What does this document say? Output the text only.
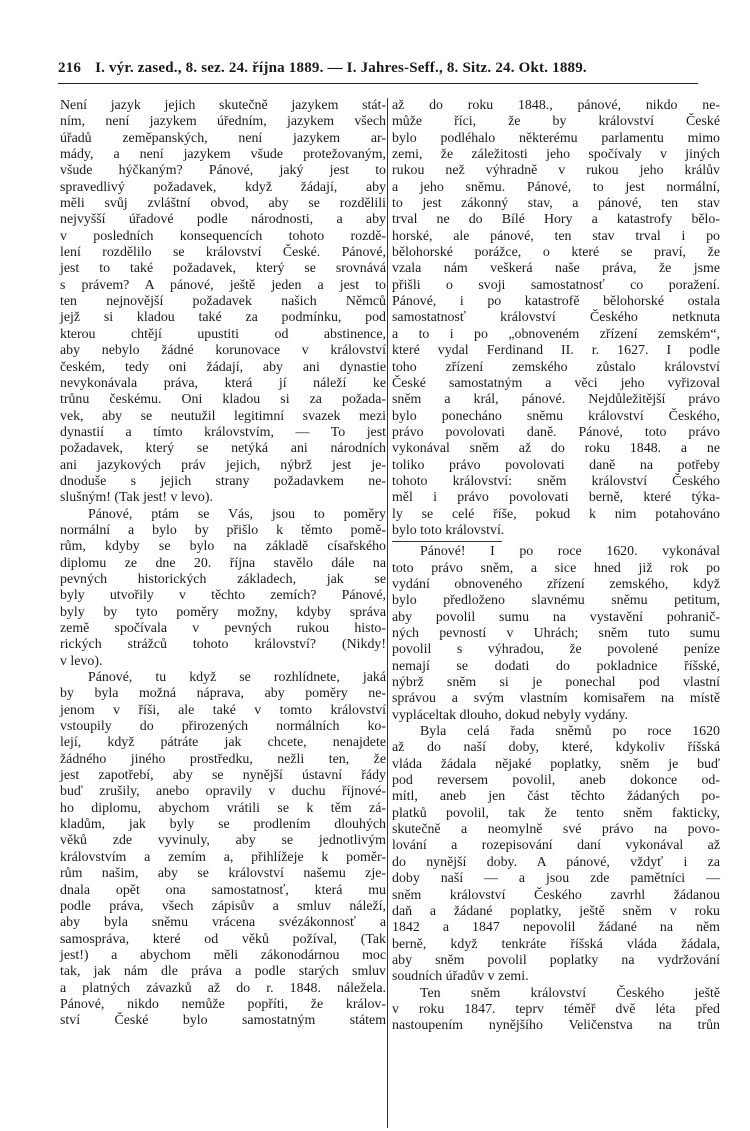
216 I. výr. zased., 8. sez. 24. října 1889. — I. Jahres-Seff., 8. Sitz. 24. Okt. 1889.

Není jazyk jejich skutečně jazykem stát-

ním, není jazykem úředním, jazykem všech

úřadů zeměpanských, není jazykem ar-

mády, a není jazykem všude protežovaným,

všude hýčkaným? Pánové, jaký jest to

spravedlivý požadavek, když žádají, aby

měli svůj zvláštní obvod, aby se rozdělili

nejvyšší úřadové podle národnosti, a aby

v posledních konsequencích tohoto rozdě-

lení rozdělilo se království České. Pánové,

jest to také požadavek, který se srovnává

s právem? A pánové, ještě jeden a jest to

ten nejnovější požadavek našich Němců

jejž si kladou také za podmínku, pod

kterou chtějí upustiti od abstinence,

aby nebylo žádné korunovace v království

českém, tedy oni žádají, aby ani dynastie

nevykonávala práva, která jí náleží ke

trůnu českému. Oni kladou si za požada-

vek, aby se neutužil legitimní svazek mezi

dynastií a tímto královstvím, — To jest

požadavek, který se netýká ani národních

ani jazykových práv jejich, nýbrž jest je-

dnoduše s jejich strany požadavkem ne-

slušným! (Tak jest! v levo).

Pánové, ptám se Vás, jsou to poměry

normální a bylo by přišlo k těmto pomě-

rům, kdyby se bylo na základě císařského

diplomu ze dne 20. října stavělo dále na

pevných historických základech, jak se

byly utvořily v těchto zemích? Pánové,

byly by tyto poměry možny, kdyby správa

země spočívala v pevných rukou histo-

rických strážců tohoto království? (Nikdy!

v levo).

Pánové, tu když se rozhlídnete, jaká

by byla možná náprava, aby poměry ne-

jenom v říši, ale také v tomto království

vstoupily do přirozených normálních ko-

lejí, když pátráte jak chcete, nenajdete

žádného jiného prostředku, nežli ten, že

jest zapotřebí, aby se nynější ústavní řády

buď zrušily, anebo opravily v duchu říjnové-

ho diplomu, abychom vrátili se k těm zá-

kladům, jak byly se prodlením dlouhých

věků zde vyvinuly, aby se jednotlivým

královstvím a zemím a, přihlížeje k poměr-

rům našim, aby se království našemu zje-

dnala opět ona samostatnosť, která mu

podle práva, všech zápisův a smluv náleží,

aby byla sněmu vrácena svézákonnosť a

samospráva, které od věků požíval, (Tak

jest!) a abychom měli zákonodárnou moc

tak, jak nám dle práva a podle starých smluv

a platných závazků až do r. 1848. náležela.

Pánové, nikdo nemůže popříti, že králov-

ství České bylo samostatným státem

až do roku 1848., pánové, nikdo ne-

může říci, že by království České

bylo podléhalo některému parlamentu mimo

zemi, že záležitosti jeho spočívaly v jiných

rukou než výhradně v rukou jeho králův

a jeho sněmu. Pánové, to jest normální,

to jest zákonný stav, a pánové, ten stav

trval ne do Bílé Hory a katastrofy bělo-

horské, ale pánové, ten stav trval i po

bělohorské porážce, o které se praví, že

vzala nám veškerá naše práva, že jsme

přišli o svoji samostatnosť co poražení.

Pánové, i po katastrofě bělohorské ostala

samostatnosť království Českého netknuta

a to i po „obnoveném zřízení zemském“,

které vydal Ferdinand II. r. 1627. I podle

toho zřízení zemského zůstalo království

České samostatným a věci jeho vyřizoval

sněm a král, pánové. Nejdůležitější právo

bylo ponecháno sněmu království Českého,

právo povolovati daně. Pánové, toto právo

vykonával sněm až do roku 1848. a ne

toliko právo povolovati daně na potřeby

tohoto království: sněm království Českého

měl i právo povolovati berně, které týka-

ly se celé říše, pokud k nim potahováno

bylo toto království.

Pánové! I po roce 1620. vykonával

toto právo sněm, a sice hned již rok po

vydání obnoveného zřízení zemského, když

bylo předloženo slavnému sněmu petitum,

aby povolil sumu na vystavění pohranič-

ných pevností v Uhrách; sněm tuto sumu

povolil s výhradou, že povolené peníze

nemají se dodati do pokladnice říšské,

nýbrž sněm si je ponechal pod vlastní

správou a svým vlastním komisařem na místě

vypláceltak dlouho, dokud nebyly vydány.

Byla celá řada sněmů po roce 1620

až do naší doby, které, kdykoliv říšská

vláda žádala nějaké poplatky, sněm je buď

pod reversem povolil, aneb dokonce od-

mítl, aneb jen část těchto žádaných po-

platků povolil, tak že tento sněm fakticky,

skutečně a neomylně své právo na povo-

lování a rozepisování daní vykonával až

do nynější doby. A pánové, vždyť i za

doby naší — a jsou zde pamětníci —

sněm království Českého zavrhl žádanou

daň a žádané poplatky, ještě sněm v roku

1842 a 1847 nepovolil žádané na něm

berně, když tenkráte říšská vláda žádala,

aby sněm povolil poplatky na vydržování

soudních úřadův v zemi.

Ten sněm království Českého ještě

v roku 1847. teprv téměř dvě léta před

nastoupením nynějšího Veličenstva na trůn
